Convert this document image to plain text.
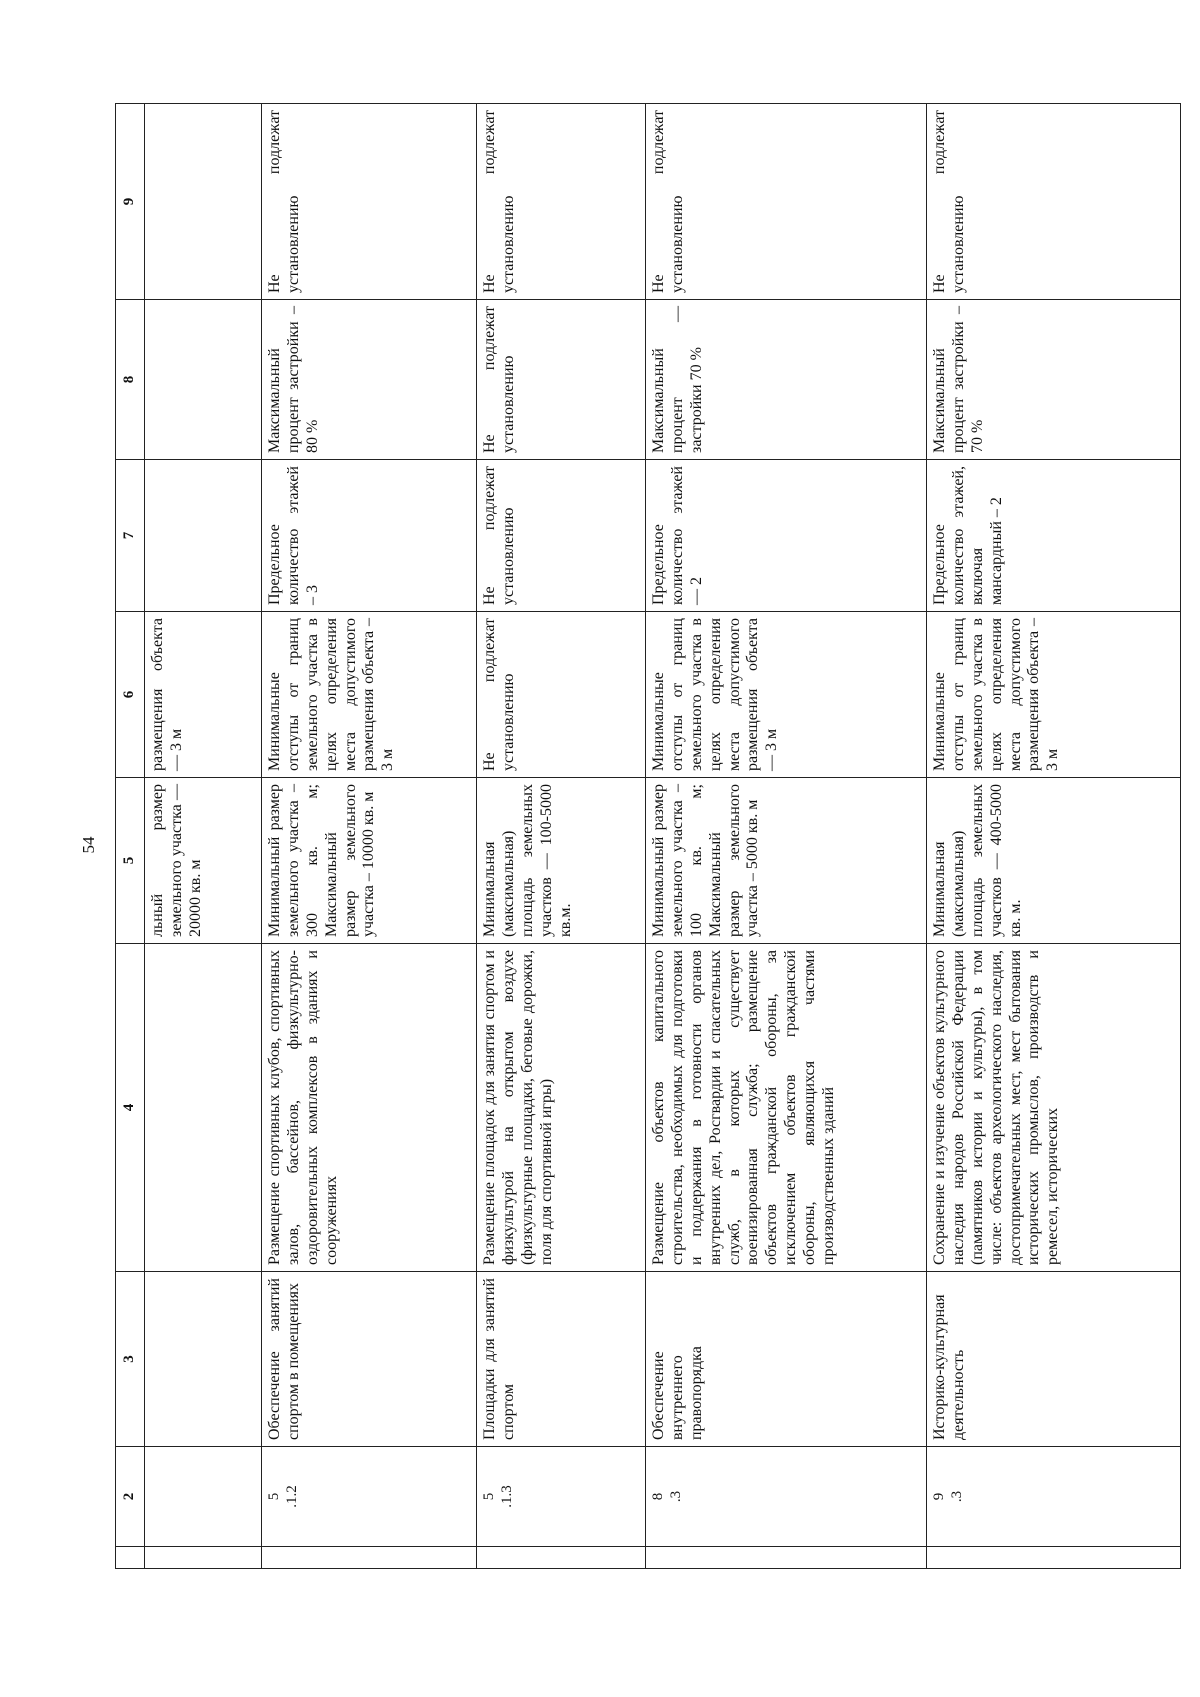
54
	2	3	4	5	6	7	8	9

			льный размер земельного участка — 20000 кв. м	размещения объекта — 3 м			

	5 .1.2	Обеспечение занятий спортом в помещениях	Размещение спортивных клубов, спортивных залов, бассейнов, физкультурно-оздоровительных комплексов в зданиях и сооружениях	Минимальный размер земельного участка – 300 кв. м; Максимальный размер земельного участка – 10000 кв. м	Минимальные отступы от границ земельного участка в целях определения места допустимого размещения объекта – 3 м	Предельное количество этажей – 3	Максимальный процент застройки –80 %	Не подлежат установлению

	5 .1.3	Площадки для занятий спортом	Размещение площадок для занятия спортом и физкультурой на открытом воздухе (физкультурные площадки, беговые дорожки, поля для спортивной игры)	Минимальная (максимальная) площадь земельных участков — 100-5000 кв.м.	Не подлежат установлению	Не подлежат установлению	Не подлежат установлению	Не подлежат установлению

	8 .3	Обеспечение внутреннего правопорядка	Размещение объектов капитального строительства, необходимых для подготовки и поддержания в готовности органов внутренних дел, Росгвардии и спасательных служб, в которых существует военизированная служба; размещение объектов гражданской обороны, за исключением объектов гражданской обороны, являющихся частями производственных зданий	Минимальный размер земельного участка – 100 кв. м; Максимальный размер земельного участка – 5000 кв. м	Минимальные отступы от границ земельного участка в целях определения места допустимого размещения объекта — 3 м	Предельное количество этажей — 2	Максимальный процент — застройки 70 %	Не подлежат установлению

	9 .3	Историко-культурная деятельность	Сохранение и изучение объектов культурного наследия народов Российской Федерации (памятников истории и культуры), в том числе: объектов археологического наследия, достопримечательных мест, мест бытования исторических промыслов, производств и ремесел, исторических	Минимальная (максимальная) площадь земельных участков — 400-5000 кв. м.	Минимальные отступы от границ земельного участка в целях определения места допустимого размещения объекта – 3 м	Предельное количество этажей, включая мансардный – 2	Максимальный процент застройки – 70 %	Не подлежат установлению
